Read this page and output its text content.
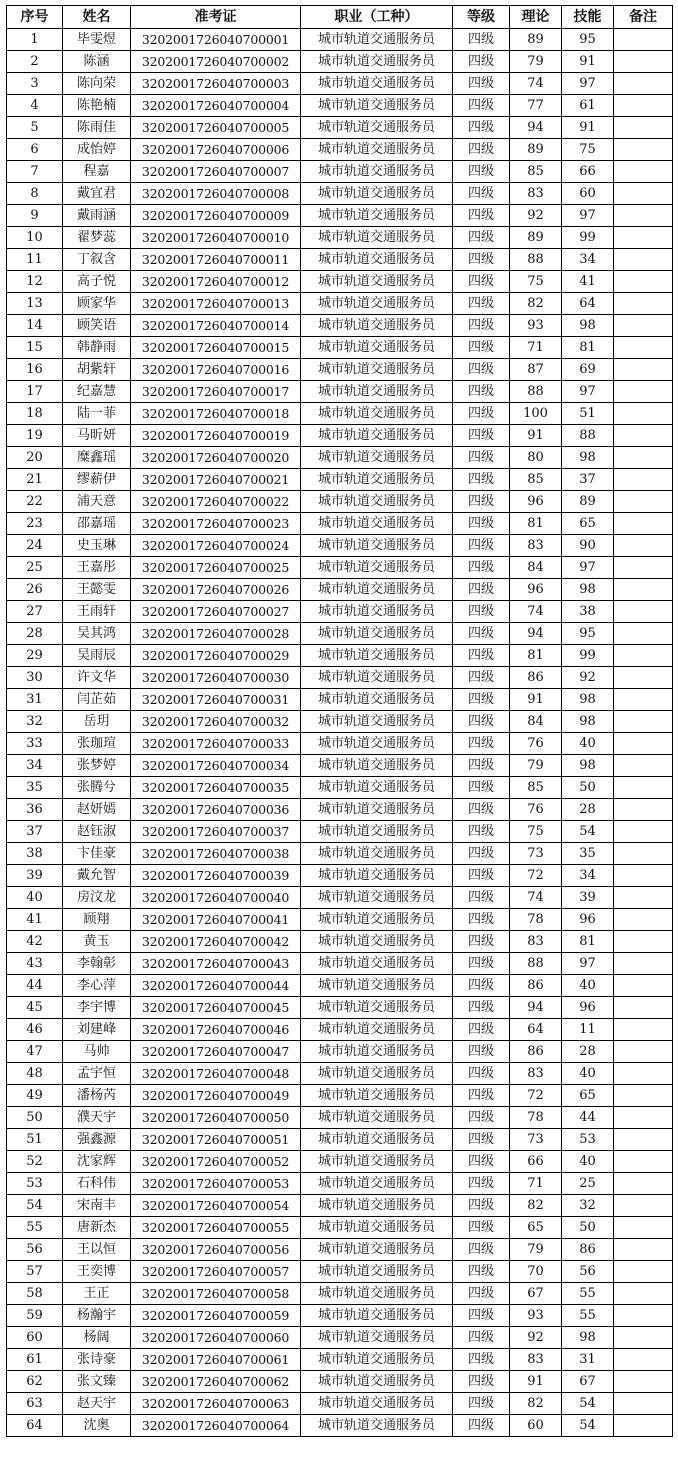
序号	姓名	准考证	职业（工种）	等级	理论	技能	备注
1	毕雯煜	3202001726040700001	城市轨道交通服务员	四级	89	95	
2	陈涵	3202001726040700002	城市轨道交通服务员	四级	79	91	
3	陈向荣	3202001726040700003	城市轨道交通服务员	四级	74	97	
4	陈艳楠	3202001726040700004	城市轨道交通服务员	四级	77	61	
5	陈雨佳	3202001726040700005	城市轨道交通服务员	四级	94	91	
6	成怡婷	3202001726040700006	城市轨道交通服务员	四级	89	75	
7	程嘉	3202001726040700007	城市轨道交通服务员	四级	85	66	
8	戴宜君	3202001726040700008	城市轨道交通服务员	四级	83	60	
9	戴雨涵	3202001726040700009	城市轨道交通服务员	四级	92	97	
10	翟梦蕊	3202001726040700010	城市轨道交通服务员	四级	89	99	
11	丁叙含	3202001726040700011	城市轨道交通服务员	四级	88	34	
12	高子悦	3202001726040700012	城市轨道交通服务员	四级	75	41	
13	顾家华	3202001726040700013	城市轨道交通服务员	四级	82	64	
14	顾笑语	3202001726040700014	城市轨道交通服务员	四级	93	98	
15	韩静雨	3202001726040700015	城市轨道交通服务员	四级	71	81	
16	胡紫轩	3202001726040700016	城市轨道交通服务员	四级	87	69	
17	纪嘉慧	3202001726040700017	城市轨道交通服务员	四级	88	97	
18	陆一菲	3202001726040700018	城市轨道交通服务员	四级	100	51	
19	马昕妍	3202001726040700019	城市轨道交通服务员	四级	91	88	
20	糜鑫瑶	3202001726040700020	城市轨道交通服务员	四级	80	98	
21	缪薪伊	3202001726040700021	城市轨道交通服务员	四级	85	37	
22	浦天意	3202001726040700022	城市轨道交通服务员	四级	96	89	
23	邵嘉瑶	3202001726040700023	城市轨道交通服务员	四级	81	65	
24	史玉琳	3202001726040700024	城市轨道交通服务员	四级	83	90	
25	王嘉彤	3202001726040700025	城市轨道交通服务员	四级	84	97	
26	王懿雯	3202001726040700026	城市轨道交通服务员	四级	96	98	
27	王雨轩	3202001726040700027	城市轨道交通服务员	四级	74	38	
28	吴其鸿	3202001726040700028	城市轨道交通服务员	四级	94	95	
29	吴雨辰	3202001726040700029	城市轨道交通服务员	四级	81	99	
30	许文华	3202001726040700030	城市轨道交通服务员	四级	86	92	
31	闫芷茹	3202001726040700031	城市轨道交通服务员	四级	91	98	
32	岳玥	3202001726040700032	城市轨道交通服务员	四级	84	98	
33	张珈瑄	3202001726040700033	城市轨道交通服务员	四级	76	40	
34	张梦婷	3202001726040700034	城市轨道交通服务员	四级	79	98	
35	张腾兮	3202001726040700035	城市轨道交通服务员	四级	85	50	
36	赵妍嫣	3202001726040700036	城市轨道交通服务员	四级	76	28	
37	赵钰淑	3202001726040700037	城市轨道交通服务员	四级	75	54	
38	卞佳豪	3202001726040700038	城市轨道交通服务员	四级	73	35	
39	戴允智	3202001726040700039	城市轨道交通服务员	四级	72	34	
40	房汶龙	3202001726040700040	城市轨道交通服务员	四级	74	39	
41	顾翔	3202001726040700041	城市轨道交通服务员	四级	78	96	
42	黄玉	3202001726040700042	城市轨道交通服务员	四级	83	81	
43	李翰彰	3202001726040700043	城市轨道交通服务员	四级	88	97	
44	李心萍	3202001726040700044	城市轨道交通服务员	四级	86	40	
45	李宇博	3202001726040700045	城市轨道交通服务员	四级	94	96	
46	刘建峰	3202001726040700046	城市轨道交通服务员	四级	64	11	
47	马帅	3202001726040700047	城市轨道交通服务员	四级	86	28	
48	孟宇恒	3202001726040700048	城市轨道交通服务员	四级	83	40	
49	潘杨芮	3202001726040700049	城市轨道交通服务员	四级	72	65	
50	濮天宇	3202001726040700050	城市轨道交通服务员	四级	78	44	
51	强鑫源	3202001726040700051	城市轨道交通服务员	四级	73	53	
52	沈家辉	3202001726040700052	城市轨道交通服务员	四级	66	40	
53	石科伟	3202001726040700053	城市轨道交通服务员	四级	71	25	
54	宋南丰	3202001726040700054	城市轨道交通服务员	四级	82	32	
55	唐新杰	3202001726040700055	城市轨道交通服务员	四级	65	50	
56	王以恒	3202001726040700056	城市轨道交通服务员	四级	79	86	
57	王奕博	3202001726040700057	城市轨道交通服务员	四级	70	56	
58	王正	3202001726040700058	城市轨道交通服务员	四级	67	55	
59	杨瀚宇	3202001726040700059	城市轨道交通服务员	四级	93	55	
60	杨阔	3202001726040700060	城市轨道交通服务员	四级	92	98	
61	张诗豪	3202001726040700061	城市轨道交通服务员	四级	83	31	
62	张文臻	3202001726040700062	城市轨道交通服务员	四级	91	67	
63	赵天宇	3202001726040700063	城市轨道交通服务员	四级	82	54	
64	沈奥	3202001726040700064	城市轨道交通服务员	四级	60	54	
